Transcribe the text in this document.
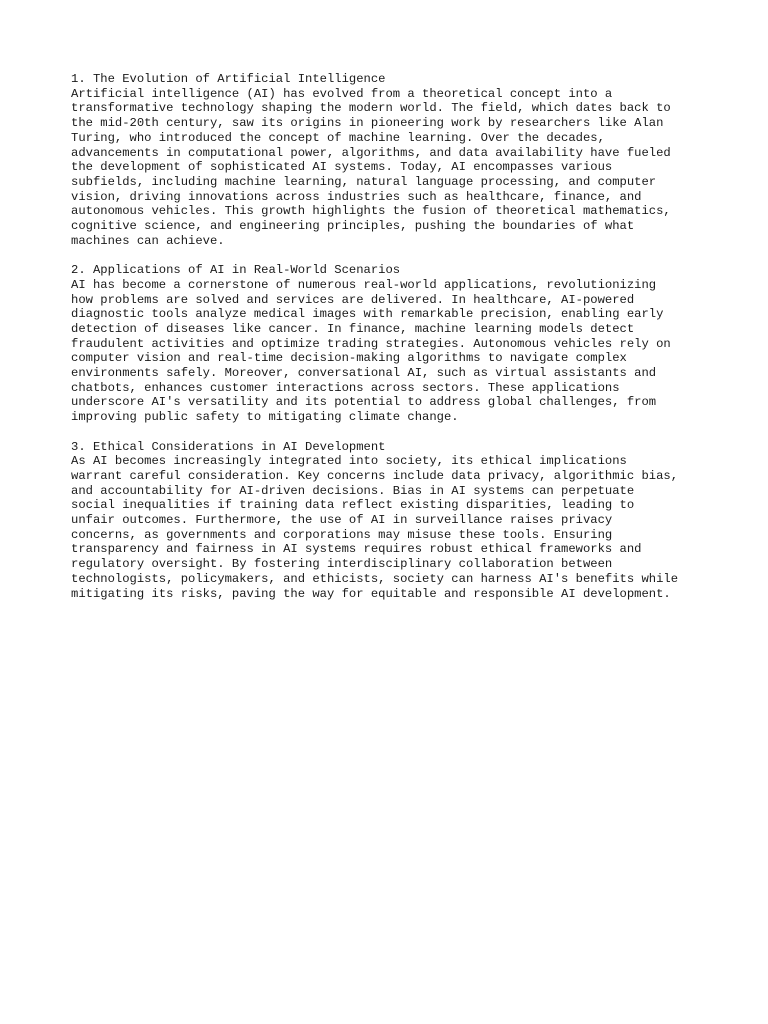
1. The Evolution of Artificial Intelligence

Artificial intelligence (AI) has evolved from a theoretical concept into a
transformative technology shaping the modern world. The field, which dates back to
the mid-20th century, saw its origins in pioneering work by researchers like Alan
Turing, who introduced the concept of machine learning. Over the decades,
advancements in computational power, algorithms, and data availability have fueled
the development of sophisticated AI systems. Today, AI encompasses various
subfields, including machine learning, natural language processing, and computer
vision, driving innovations across industries such as healthcare, finance, and
autonomous vehicles. This growth highlights the fusion of theoretical mathematics,
cognitive science, and engineering principles, pushing the boundaries of what
machines can achieve.

2. Applications of AI in Real-World Scenarios

AI has become a cornerstone of numerous real-world applications, revolutionizing
how problems are solved and services are delivered. In healthcare, AI-powered
diagnostic tools analyze medical images with remarkable precision, enabling early
detection of diseases like cancer. In finance, machine learning models detect
fraudulent activities and optimize trading strategies. Autonomous vehicles rely on
computer vision and real-time decision-making algorithms to navigate complex
environments safely. Moreover, conversational AI, such as virtual assistants and
chatbots, enhances customer interactions across sectors. These applications
underscore AI's versatility and its potential to address global challenges, from
improving public safety to mitigating climate change.

3. Ethical Considerations in AI Development

As AI becomes increasingly integrated into society, its ethical implications
warrant careful consideration. Key concerns include data privacy, algorithmic bias,
and accountability for AI-driven decisions. Bias in AI systems can perpetuate
social inequalities if training data reflect existing disparities, leading to
unfair outcomes. Furthermore, the use of AI in surveillance raises privacy
concerns, as governments and corporations may misuse these tools. Ensuring
transparency and fairness in AI systems requires robust ethical frameworks and
regulatory oversight. By fostering interdisciplinary collaboration between
technologists, policymakers, and ethicists, society can harness AI's benefits while
mitigating its risks, paving the way for equitable and responsible AI development.
